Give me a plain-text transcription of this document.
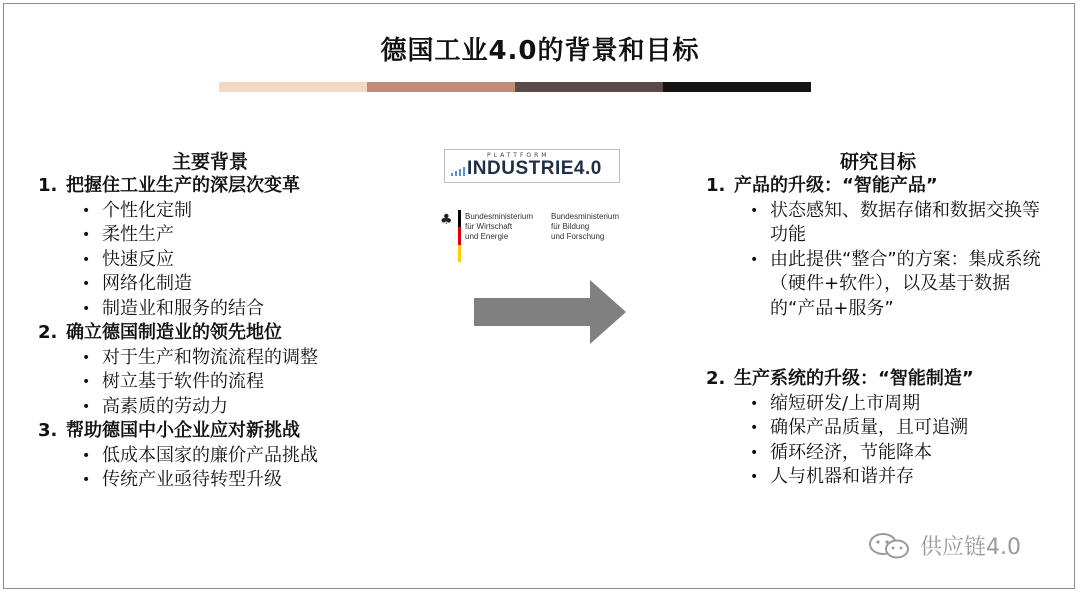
德国工业4.0的背景和目标
主要背景
1. 把握住工业生产的深层次变革
• 个性化定制
• 柔性生产
• 快速反应
• 网络化制造
• 制造业和服务的结合
2. 确立德国制造业的领先地位
• 对于生产和物流流程的调整
• 树立基于软件的流程
• 高素质的劳动力
3. 帮助德国中小企业应对新挑战
• 低成本国家的廉价产品挑战
• 传统产业亟待转型升级
PLATTFORM
INDUSTRIE4.0
♣	Bundesministerium
für Wirtschaft
und Energie
Bundesministerium
für Bildung
und Forschung
研究目标
1. 产品的升级：“智能产品”
• 状态感知、数据存储和数据交换等功能
• 由此提供“整合”的方案：集成系统（硬件+软件），以及基于数据的“产品+服务”
2. 生产系统的升级：“智能制造”
• 缩短研发/上市周期
• 确保产品质量，且可追溯
• 循环经济，节能降本
• 人与机器和谐并存
供应链4.0
